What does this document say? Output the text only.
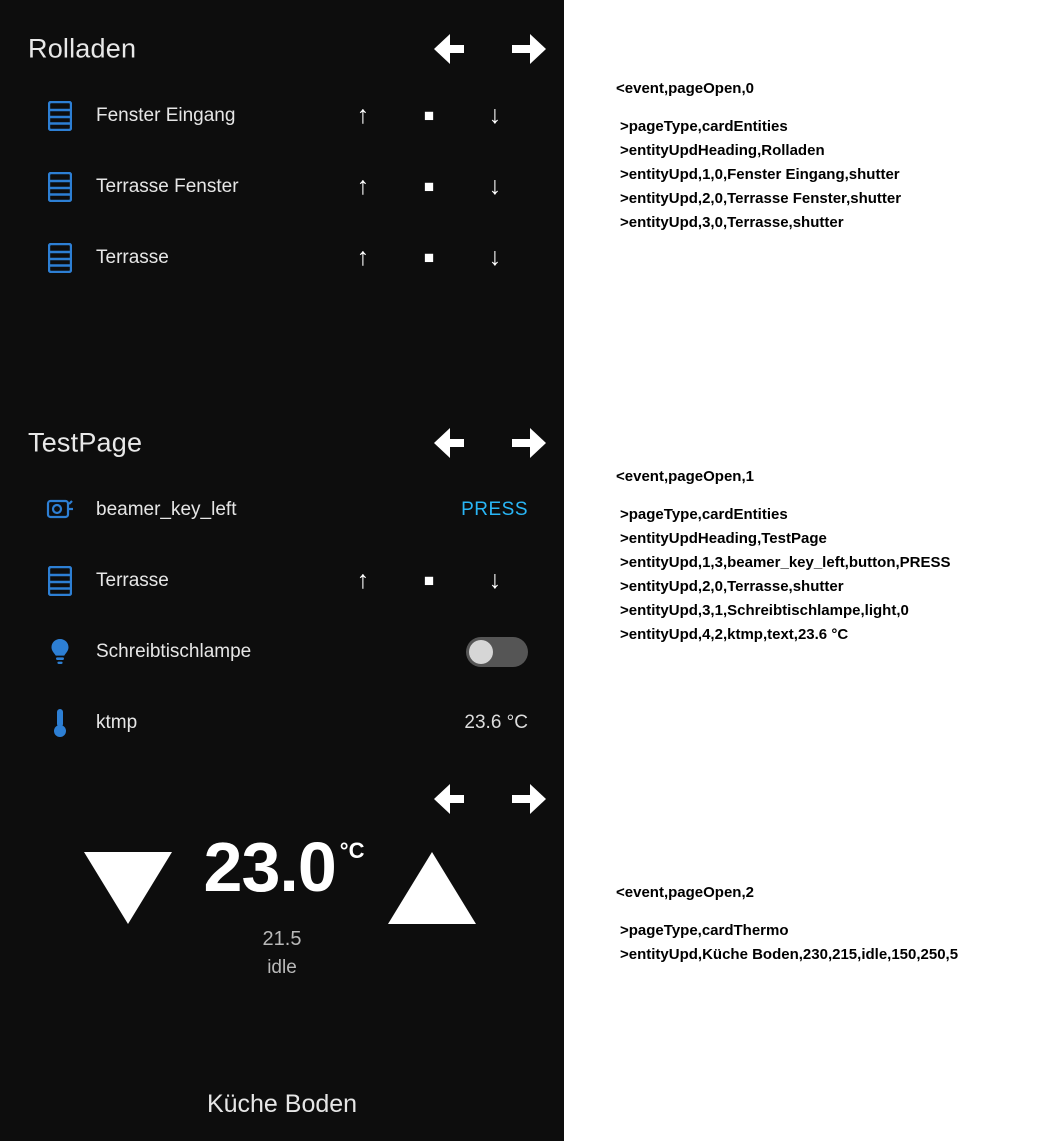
Rolladen
Fenster Eingang	↑	■	↓
Terrasse Fenster	↑	■	↓
Terrasse	↑	■	↓
TestPage
beamer_key_left	PRESS
Terrasse	↑	■	↓
Schreibtischlampe
ktmp	23.6 °C
23.0 °C
21.5
idle
Küche Boden
<event,pageOpen,0
>pageType,cardEntities
>entityUpdHeading,Rolladen
>entityUpd,1,0,Fenster Eingang,shutter
>entityUpd,2,0,Terrasse Fenster,shutter
>entityUpd,3,0,Terrasse,shutter
<event,pageOpen,1
>pageType,cardEntities
>entityUpdHeading,TestPage
>entityUpd,1,3,beamer_key_left,button,PRESS
>entityUpd,2,0,Terrasse,shutter
>entityUpd,3,1,Schreibtischlampe,light,0
>entityUpd,4,2,ktmp,text,23.6 °C
<event,pageOpen,2
>pageType,cardThermo
>entityUpd,Küche Boden,230,215,idle,150,250,5
